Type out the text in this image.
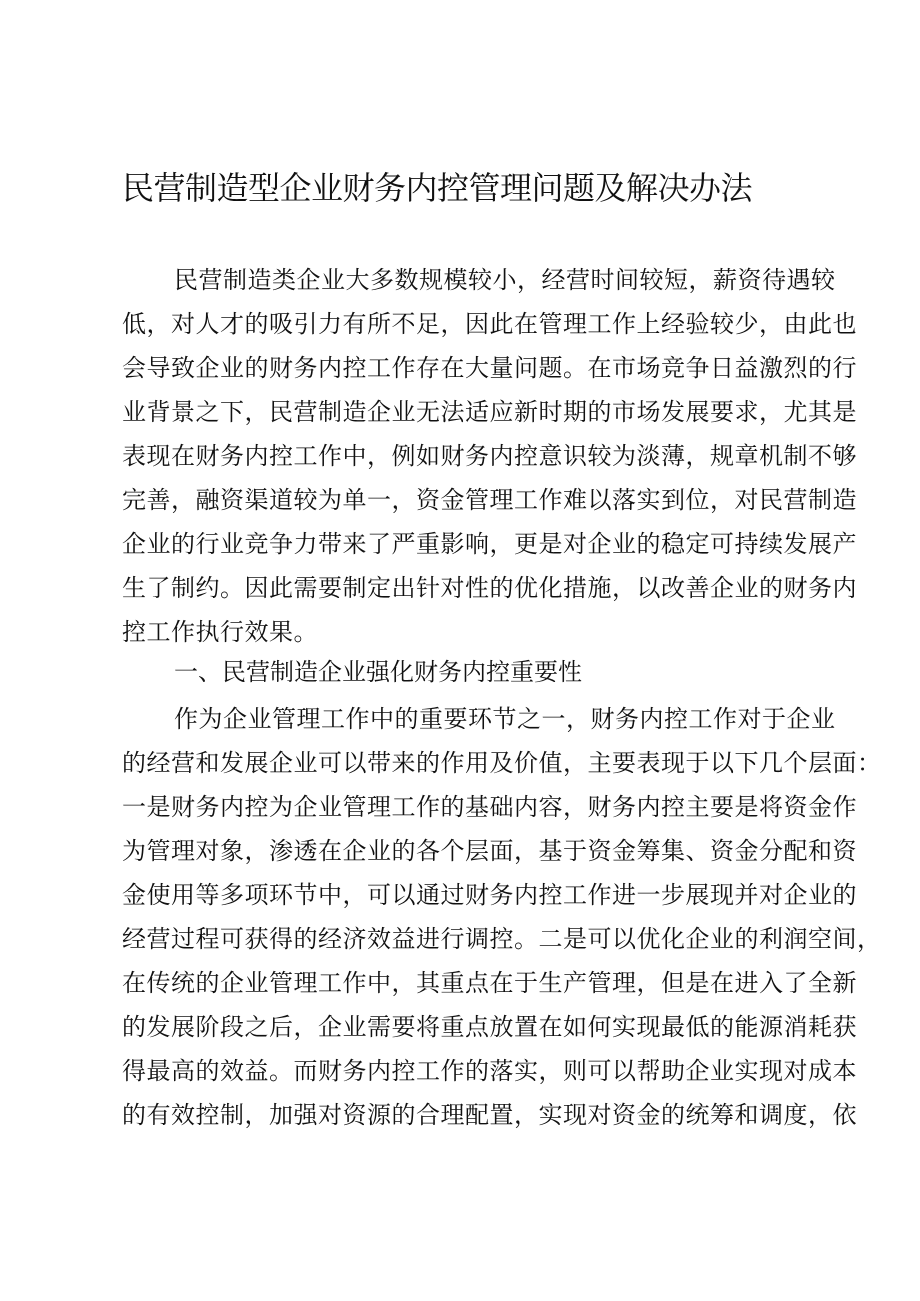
民营制造型企业财务内控管理问题及解决办法
民营制造类企业大多数规模较小，经营时间较短，薪资待遇较
低，对人才的吸引力有所不足，因此在管理工作上经验较少，由此也
会导致企业的财务内控工作存在大量问题。在市场竞争日益激烈的行
业背景之下，民营制造企业无法适应新时期的市场发展要求，尤其是
表现在财务内控工作中，例如财务内控意识较为淡薄，规章机制不够
完善，融资渠道较为单一，资金管理工作难以落实到位，对民营制造
企业的行业竞争力带来了严重影响，更是对企业的稳定可持续发展产
生了制约。因此需要制定出针对性的优化措施，以改善企业的财务内
控工作执行效果。
一、民营制造企业强化财务内控重要性
作为企业管理工作中的重要环节之一，财务内控工作对于企业
的经营和发展企业可以带来的作用及价值，主要表现于以下几个层面：
一是财务内控为企业管理工作的基础内容，财务内控主要是将资金作
为管理对象，渗透在企业的各个层面，基于资金筹集、资金分配和资
金使用等多项环节中，可以通过财务内控工作进一步展现并对企业的
经营过程可获得的经济效益进行调控。二是可以优化企业的利润空间，
在传统的企业管理工作中，其重点在于生产管理，但是在进入了全新
的发展阶段之后，企业需要将重点放置在如何实现最低的能源消耗获
得最高的效益。而财务内控工作的落实，则可以帮助企业实现对成本
的有效控制，加强对资源的合理配置，实现对资金的统筹和调度，依
